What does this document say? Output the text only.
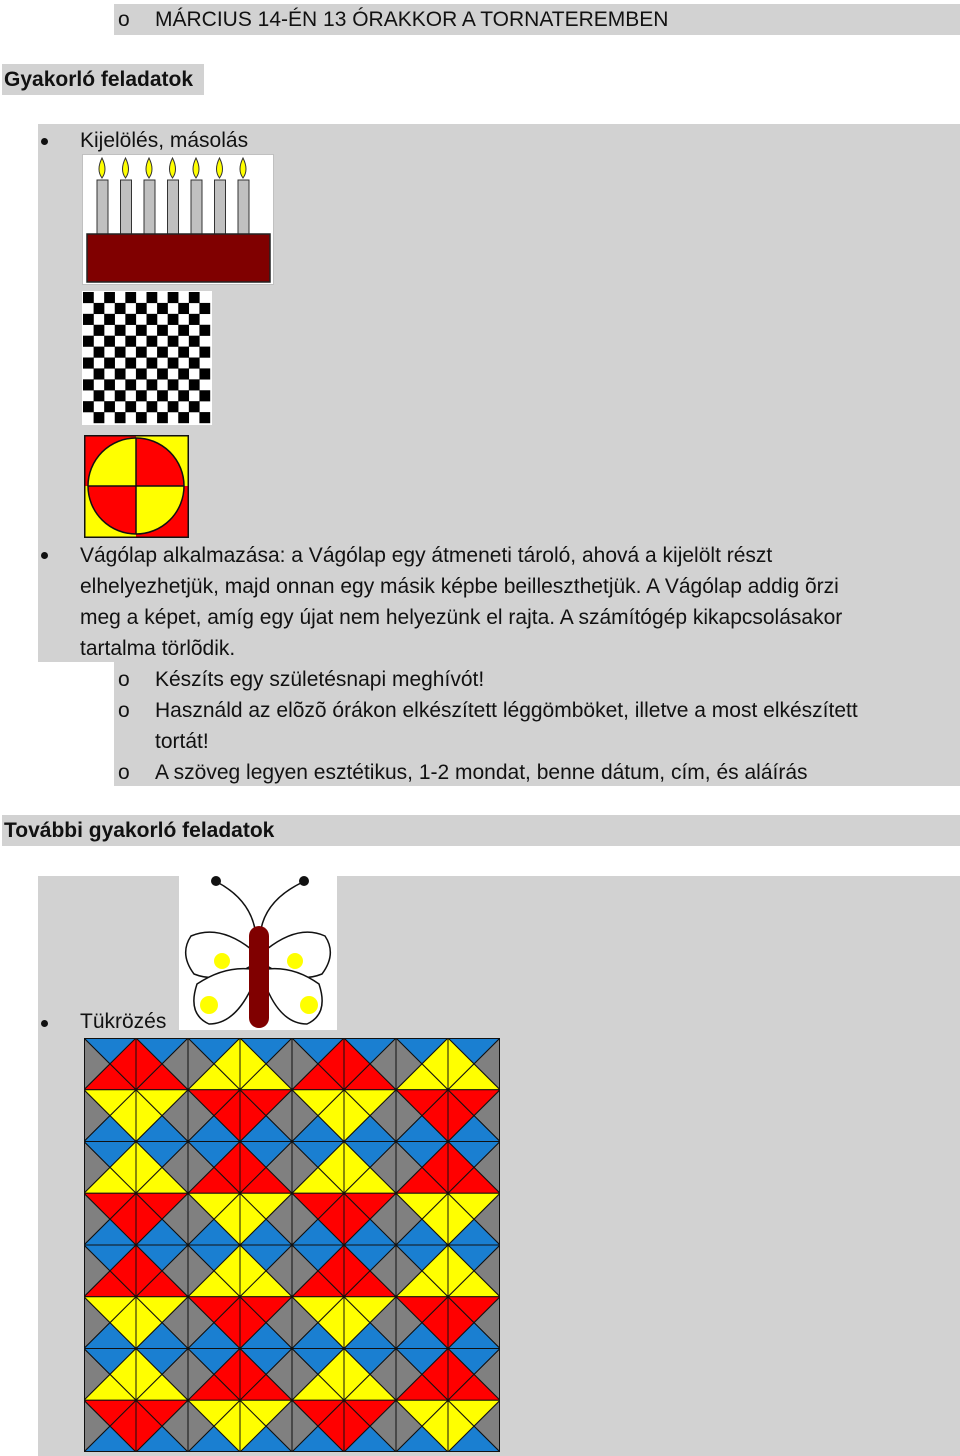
o MÁRCIUS 14-ÉN 13 ÓRAKKOR A TORNATEREMBEN
Gyakorló feladatok
Kijelölés, másolás
Vágólap alkalmazása: a Vágólap egy átmeneti tároló, ahová a kijelölt részt
elhelyezhetjük, majd onnan egy másik képbe beilleszthetjük. A Vágólap addig õrzi
meg a képet, amíg egy újat nem helyezünk el rajta. A számítógép kikapcsolásakor
tartalma törlõdik.
o Készíts egy születésnapi meghívót!
o Használd az elõzõ órákon elkészített léggömböket, illetve a most elkészített
tortát!
o A szöveg legyen esztétikus, 1-2 mondat, benne dátum, cím, és aláírás
További gyakorló feladatok
Tükrözés
